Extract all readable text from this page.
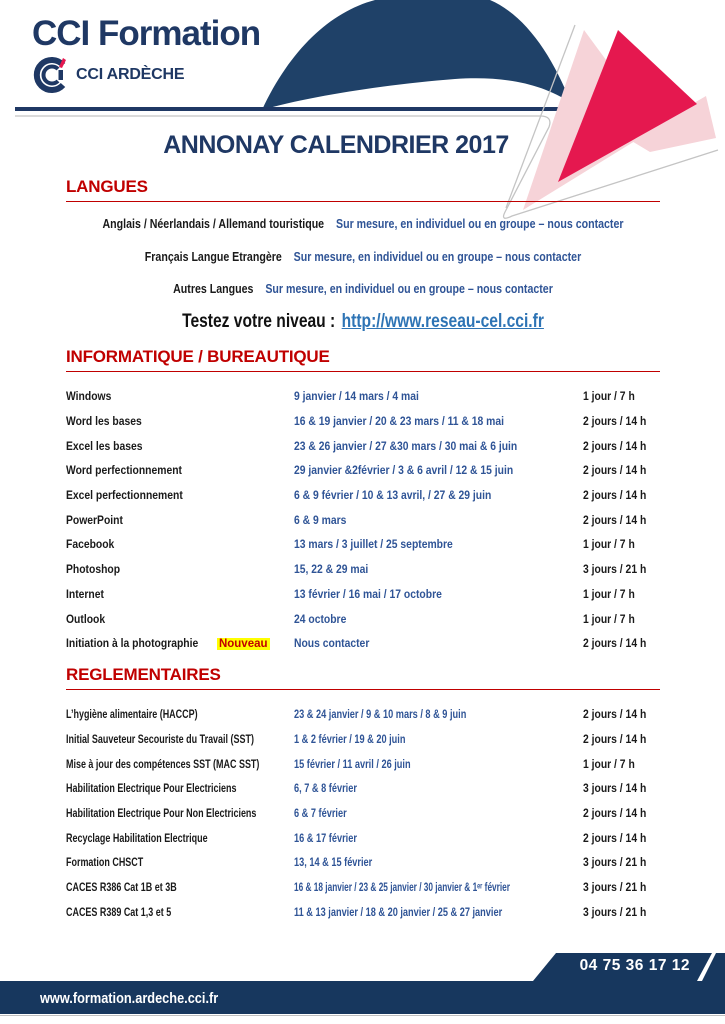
CCI Formation
CCI ARDÈCHE
ANNONAY CALENDRIER 2017
LANGUES
Anglais / Néerlandais / Allemand touristique Sur mesure, en individuel ou en groupe – nous contacter
Français Langue Etrangère Sur mesure, en individuel ou en groupe – nous contacter
Autres Langues Sur mesure, en individuel ou en groupe – nous contacter
Testez votre niveau : http://www.reseau-cel.cci.fr
INFORMATIQUE / BUREAUTIQUE
Windows	9 janvier / 14 mars / 4 mai	1 jour / 7 h
Word les bases	16 & 19 janvier / 20 & 23 mars / 11 & 18 mai	2 jours / 14 h
Excel les bases	23 & 26 janvier / 27 &30 mars / 30 mai & 6 juin	2 jours / 14 h
Word perfectionnement	29 janvier &2février / 3 & 6 avril / 12 & 15 juin	2 jours / 14 h
Excel perfectionnement	6 & 9 février / 10 & 13 avril, / 27 & 29 juin	2 jours / 14 h
PowerPoint	6 & 9 mars	2 jours / 14 h
Facebook	13 mars / 3 juillet / 25 septembre	1 jour / 7 h
Photoshop	15, 22 & 29 mai	3 jours / 21 h
Internet	13 février / 16 mai / 17 octobre	1 jour / 7 h
Outlook	24 octobre	1 jour / 7 h
Initiation à la photographie Nouveau	Nous contacter	2 jours / 14 h
REGLEMENTAIRES
L’hygiène alimentaire (HACCP)	23 & 24 janvier / 9 & 10 mars / 8 & 9 juin	2 jours / 14 h
Initial Sauveteur Secouriste du Travail (SST)	1 & 2 février / 19 & 20 juin	2 jours / 14 h
Mise à jour des compétences SST (MAC SST)	15 février / 11 avril / 26 juin	1 jour / 7 h
Habilitation Electrique Pour Electriciens	6, 7 & 8 février	3 jours / 14 h
Habilitation Electrique Pour Non Electriciens	6 & 7 février	2 jours / 14 h
Recyclage Habilitation Electrique	16 & 17 février	2 jours / 14 h
Formation CHSCT	13, 14 & 15 février	3 jours / 21 h
CACES R386 Cat 1B et 3B	16 & 18 janvier / 23 & 25 janvier / 30 janvier & 1ᵉʳ février	3 jours / 21 h
CACES R389 Cat 1,3 et 5	11 & 13 janvier / 18 & 20 janvier / 25 & 27 janvier	3 jours / 21 h
04 75 36 17 12
www.formation.ardeche.cci.fr
